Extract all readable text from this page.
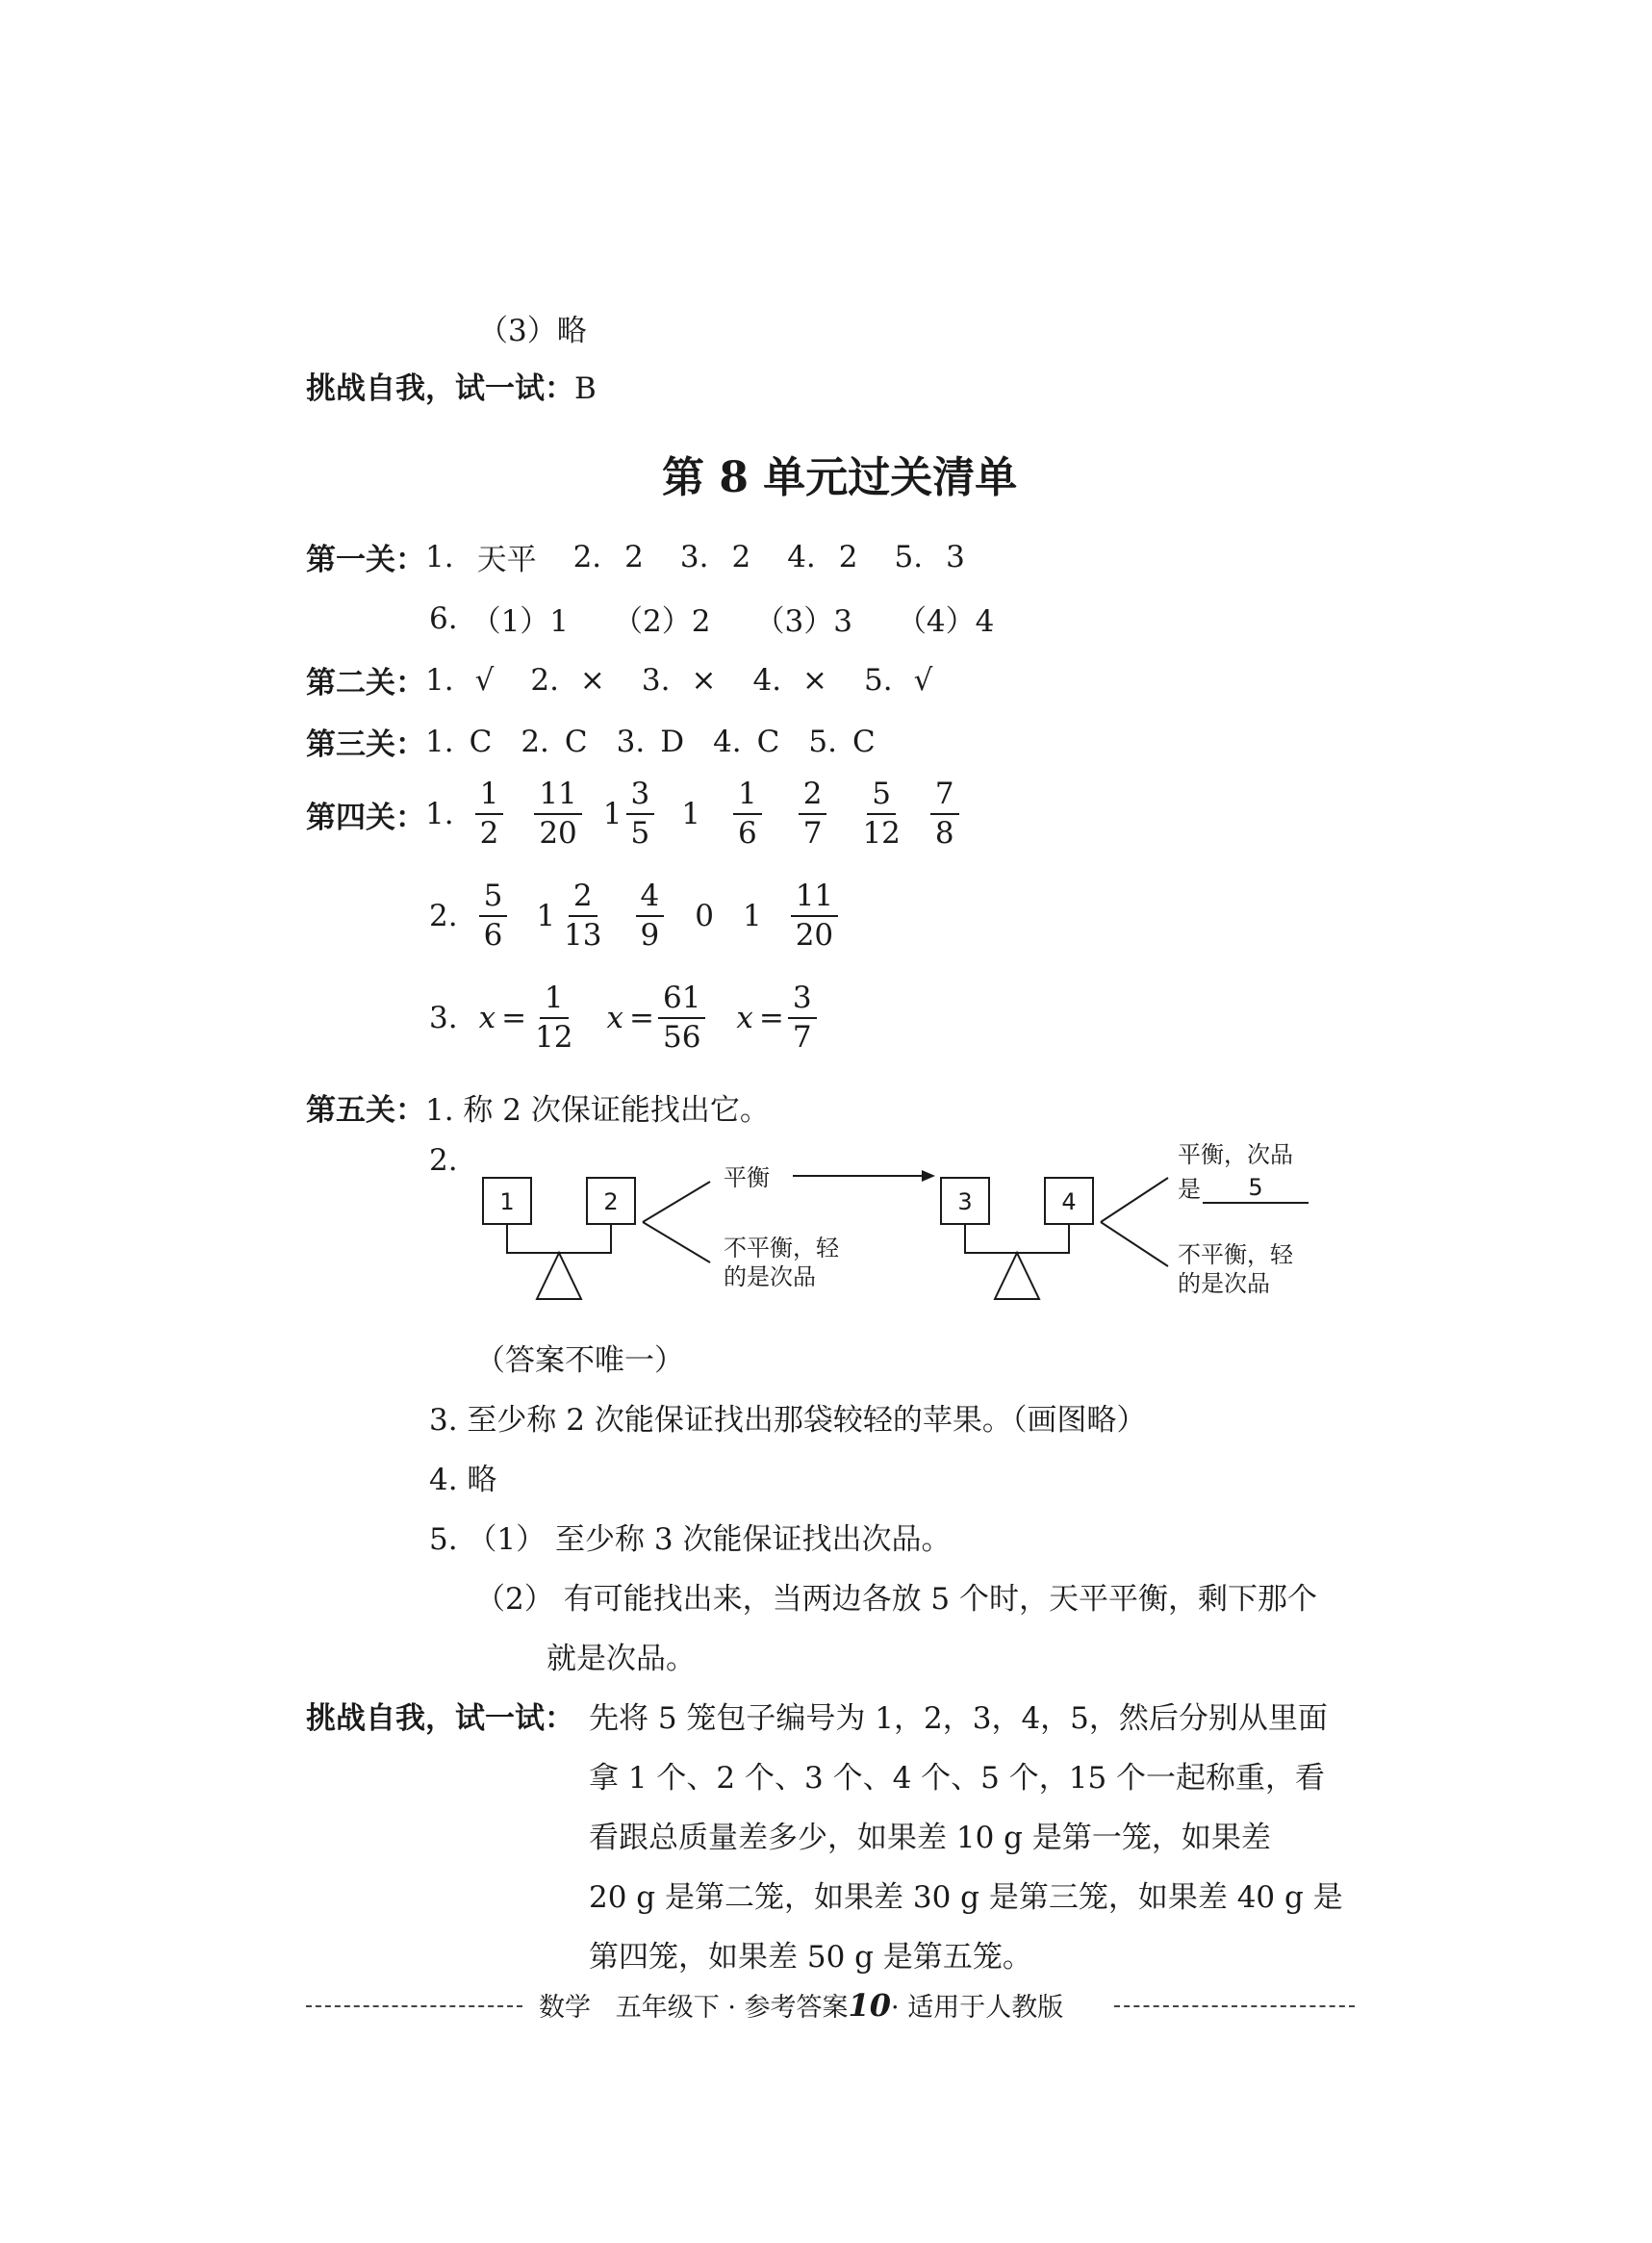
（3）略
挑战自我，试一试：B
第 8 单元过关清单
第一关： 1. 天平 2. 2 3. 2 4. 2 5. 3
6. （1）1 （2）2 （3）3 （4）4
第二关： 1. √ 2. × 3. × 4. × 5. √
第三关： 1. C 2. C 3. D 4. C 5. C
第四关： 1. $\frac{1}{2} \frac{11}{20} 1 \frac{3}{5} 1 \frac{1}{6} \frac{2}{7} \frac{5}{12} \frac{7}{8}$
2. $\frac{5}{6} 1 \frac{2}{13} \frac{4}{9} 0$ $1 \frac{11}{20}$
3. $x = \frac{1}{12}$ $x = \frac{61}{56}$ $x = \frac{3}{7}$
第五关： 1. 称 2 次保证能找出它。
2.
1	2	3	4
平衡
不平衡，轻
的是次品
平衡，次品
是 5
不平衡，轻
的是次品
（答案不唯一）
3. 至少称 2 次能保证找出那袋较轻的苹果。（画图略）
4. 略
5. （1） 至少称 3 次能保证找出次品。
（2） 有可能找出来，当两边各放 5 个时，天平平衡，剩下那个
就是次品。
挑战自我，试一试： 先将 5 笼包子编号为 1，2，3，4，5，然后分别从里面
拿 1 个、2 个、3 个、4 个、5 个，15 个一起称重，看
看跟总质量差多少，如果差 10 g 是第一笼，如果差
20 g 是第二笼，如果差 30 g 是第三笼，如果差 40 g 是
第四笼，如果差 50 g 是第五笼。
数学 五年级下 · 参考答案10· 适用于人教版
